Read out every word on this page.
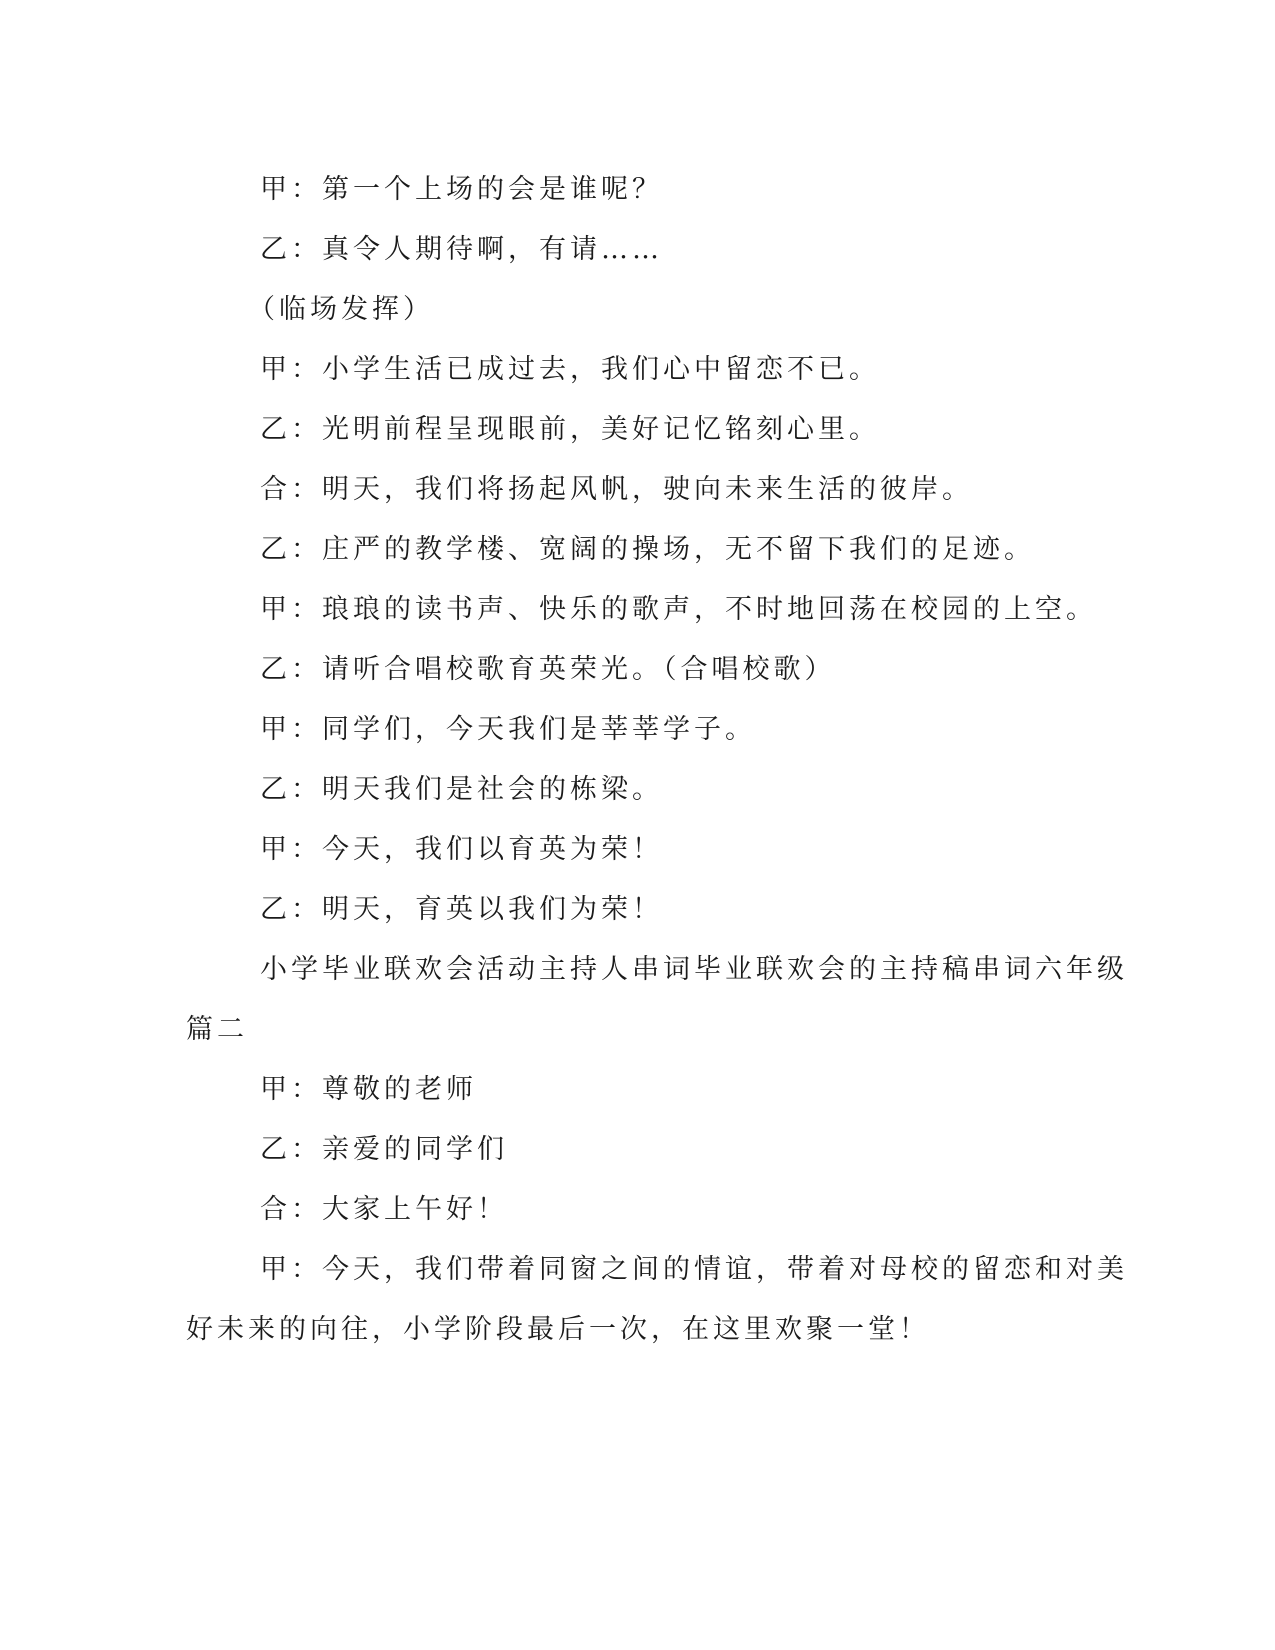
甲：第一个上场的会是谁呢？

乙：真令人期待啊，有请……

（临场发挥）

甲：小学生活已成过去，我们心中留恋不已。

乙：光明前程呈现眼前，美好记忆铭刻心里。

合：明天，我们将扬起风帆，驶向未来生活的彼岸。

乙：庄严的教学楼、宽阔的操场，无不留下我们的足迹。

甲：琅琅的读书声、快乐的歌声，不时地回荡在校园的上空。

乙：请听合唱校歌育英荣光。（合唱校歌）

甲：同学们，今天我们是莘莘学子。

乙：明天我们是社会的栋梁。

甲：今天，我们以育英为荣！

乙：明天，育英以我们为荣！

小学毕业联欢会活动主持人串词毕业联欢会的主持稿串词六年级

篇二

甲：尊敬的老师

乙：亲爱的同学们

合：大家上午好！

甲：今天，我们带着同窗之间的情谊，带着对母校的留恋和对美

好未来的向往，小学阶段最后一次，在这里欢聚一堂！
